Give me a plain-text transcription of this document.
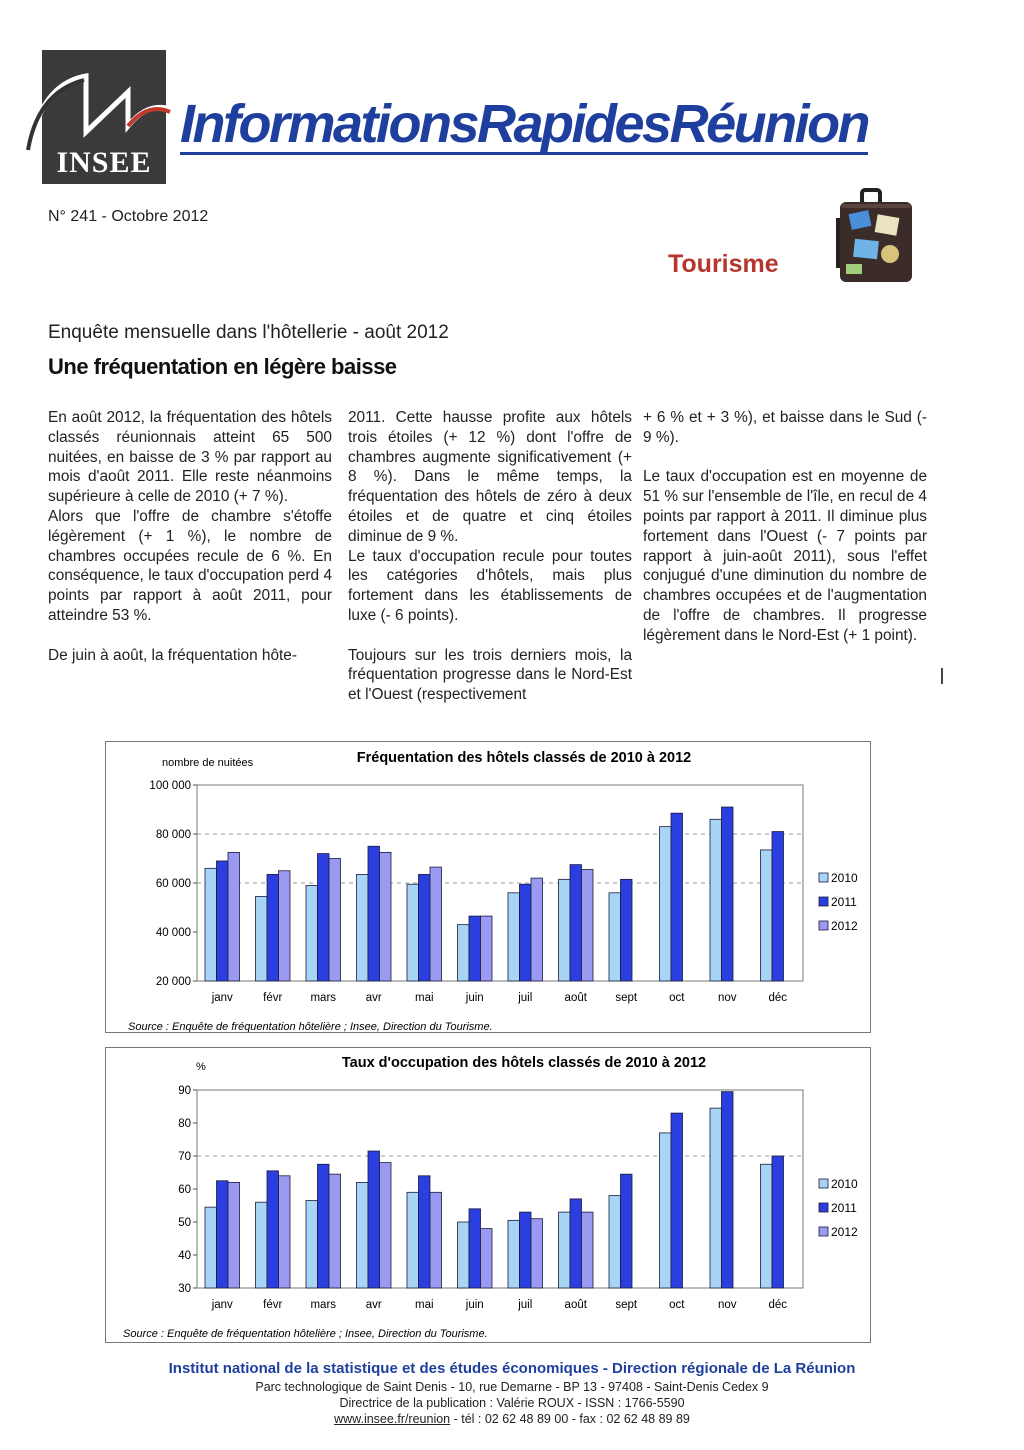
INSEE
InformationsRapidesRéunion
N° 241 - Octobre 2012
Tourisme
Enquête mensuelle dans l'hôtellerie - août 2012
Une fréquentation en légère baisse

En août 2012, la fréquentation des hôtels classés réunionnais atteint 65 500 nuitées, en baisse de 3 % par rapport au mois d'août 2011. Elle reste néanmoins supérieure à celle de 2010 (+ 7 %).

Alors que l'offre de chambre s'étoffe légèrement (+ 1 %), le nombre de chambres occupées recule de 6 %. En conséquence, le taux d'occupation perd 4 points par rapport à août 2011, pour atteindre 53 %.

De juin à août, la fréquentation hôte-

2011. Cette hausse profite aux hôtels trois étoiles (+ 12 %) dont l'offre de chambres augmente significativement (+ 8 %). Dans le même temps, la fréquentation des hôtels de zéro à deux étoiles et de quatre et cinq étoiles diminue de 9 %.

Le taux d'occupation recule pour toutes les catégories d'hôtels, mais plus fortement dans les établissements de luxe (- 6 points).

Toujours sur les trois derniers mois, la fréquentation progresse dans le Nord-Est et l'Ouest (respectivement

+ 6 % et + 3 %), et baisse dans le Sud (- 9 %).

Le taux d'occupation est en moyenne de 51 % sur l'ensemble de l'île, en recul de 4 points par rapport à 2011. Il diminue plus fortement dans l'Ouest (- 7 points par rapport à juin-août 2011), sous l'effet conjugué d'une diminution du nombre de chambres occupées et de l'augmentation de l'offre de chambres. Il progresse légèrement dans le Nord-Est (+ 1 point).

Fréquentation des hôtels classés de 2010 à 2012
nombre de nuitées
20 000
40 000
60 000
80 000
100 000
janv	févr mars	avr	mai	juin	juil	août sept	oct	nov	déc
2010
2011
2012
Source : Enquête de fréquentation hôtelière ; Insee, Direction du Tourisme.
Taux d'occupation des hôtels classés de 2010 à 2012
%
30
40
50
60
70
80
90
janv	févr mars	avr	mai	juin	juil	août sept	oct	nov	déc
2010
2011
2012
Source : Enquête de fréquentation hôtelière ; Insee, Direction du Tourisme.
Institut national de la statistique et des études économiques - Direction régionale de La Réunion
Parc technologique de Saint Denis - 10, rue Demarne - BP 13 - 97408 - Saint-Denis Cedex 9
Directrice de la publication : Valérie ROUX - ISSN : 1766-5590
www.insee.fr/reunion - tél : 02 62 48 89 00 - fax : 02 62 48 89 89
